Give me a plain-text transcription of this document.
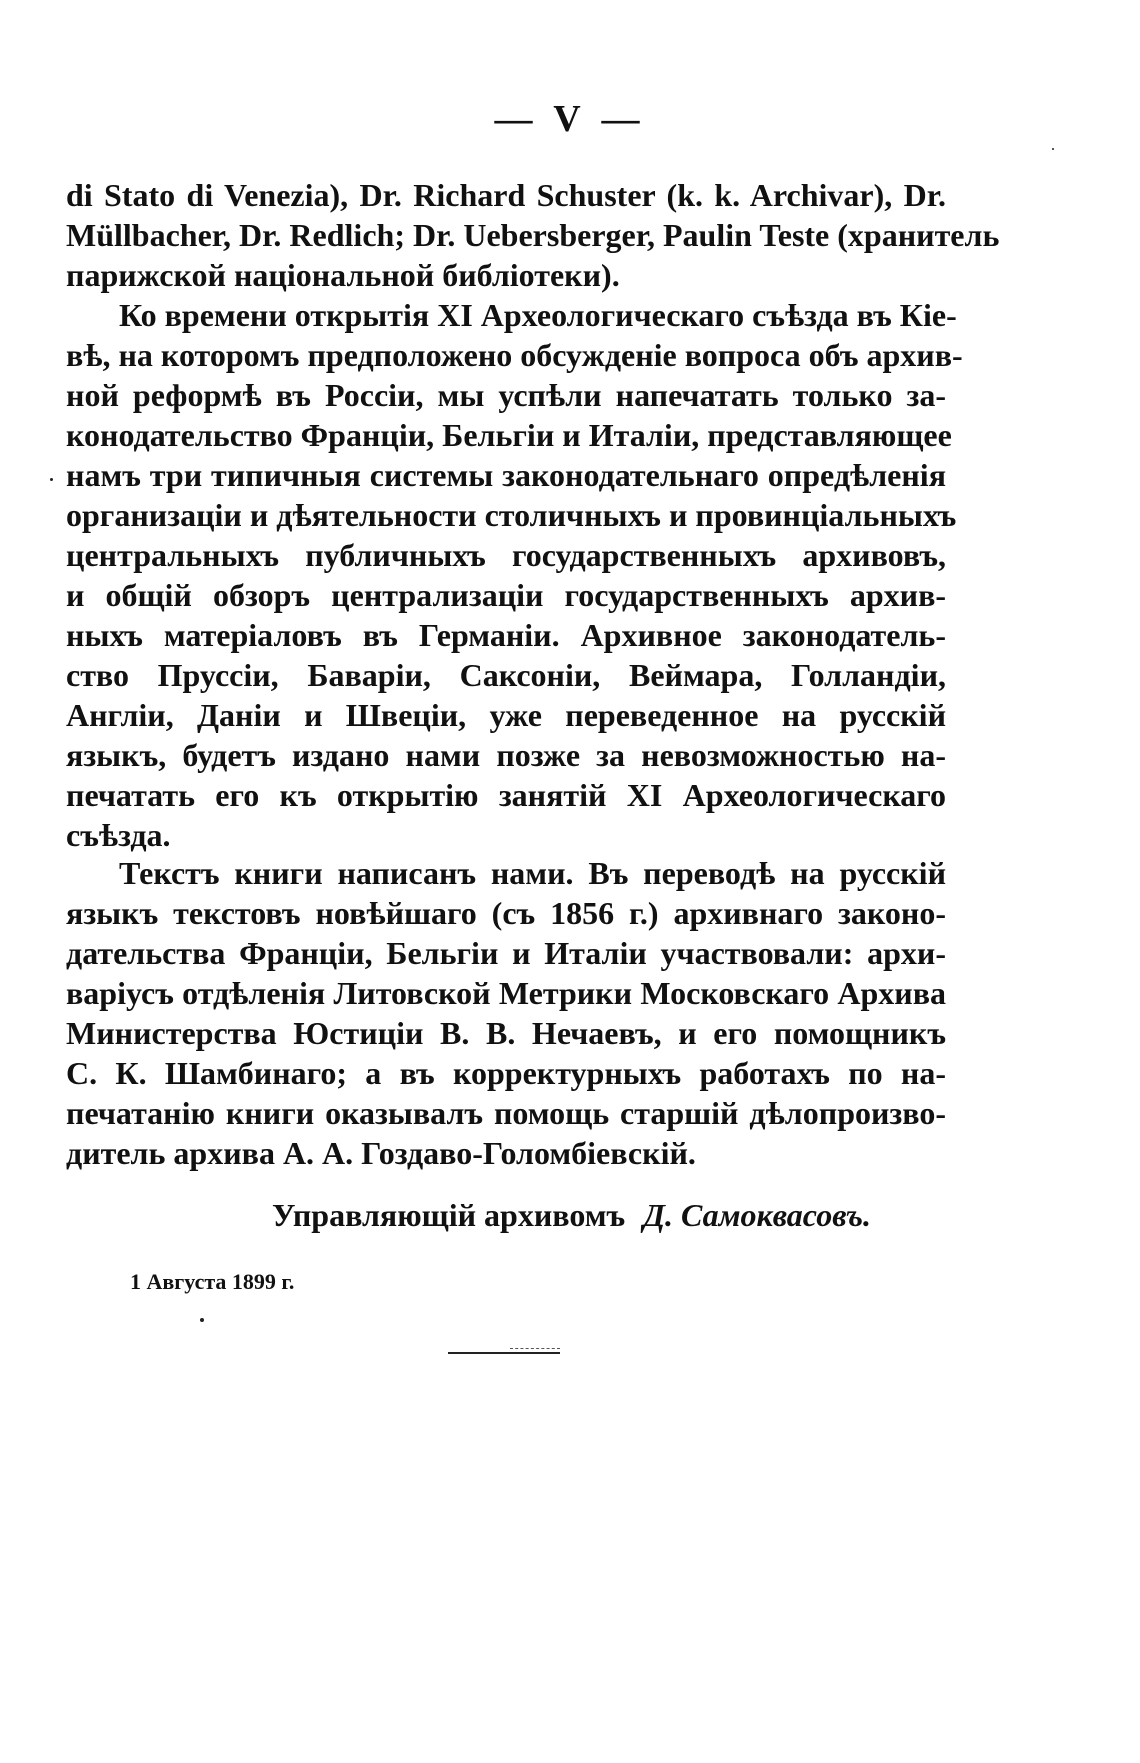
— V —
di Stato di Venezia), Dr. Richard Schuster (k. k. Archivar), Dr.
Müllbacher, Dr. Redlich; Dr. Uebersberger, Paulin Teste (хранитель
парижской національной библіотеки).
Ко времени открытія XI Археологическаго съѣзда въ Кіе-
вѣ, на которомъ предположено обсужденіе вопроса объ архив-
ной реформѣ въ Россіи, мы успѣли напечатать только за-
конодательство Франціи, Бельгіи и Италіи, представляющее
намъ три типичныя системы законодательнаго опредѣленія
организаціи и дѣятельности столичныхъ и провинціальныхъ
центральныхъ публичныхъ государственныхъ архивовъ,
и общій обзоръ централизаціи государственныхъ архив-
ныхъ матеріаловъ въ Германіи. Архивное законодатель-
ство Пруссіи, Баваріи, Саксоніи, Веймара, Голландіи,
Англіи, Даніи и Швеціи, уже переведенное на русскій
языкъ, будетъ издано нами позже за невозможностью на-
печатать его къ открытію занятій XI Археологическаго
съѣзда.
Текстъ книги написанъ нами. Въ переводѣ на русскій
языкъ текстовъ новѣйшаго (съ 1856 г.) архивнаго законо-
дательства Франціи, Бельгіи и Италіи участвовали: архи-
варіусъ отдѣленія Литовской Метрики Московскаго Архива
Министерства Юстиціи В. В. Нечаевъ, и его помощникъ
С. К. Шамбинаго; а въ корректурныхъ работахъ по на-
печатанію книги оказывалъ помощь старшій дѣлопроизво-
дитель архива А. А. Гоздаво-Голомбіевскій.
Управляющій архивомъ Д. Самоквасовъ.
1 Августа 1899 г.
